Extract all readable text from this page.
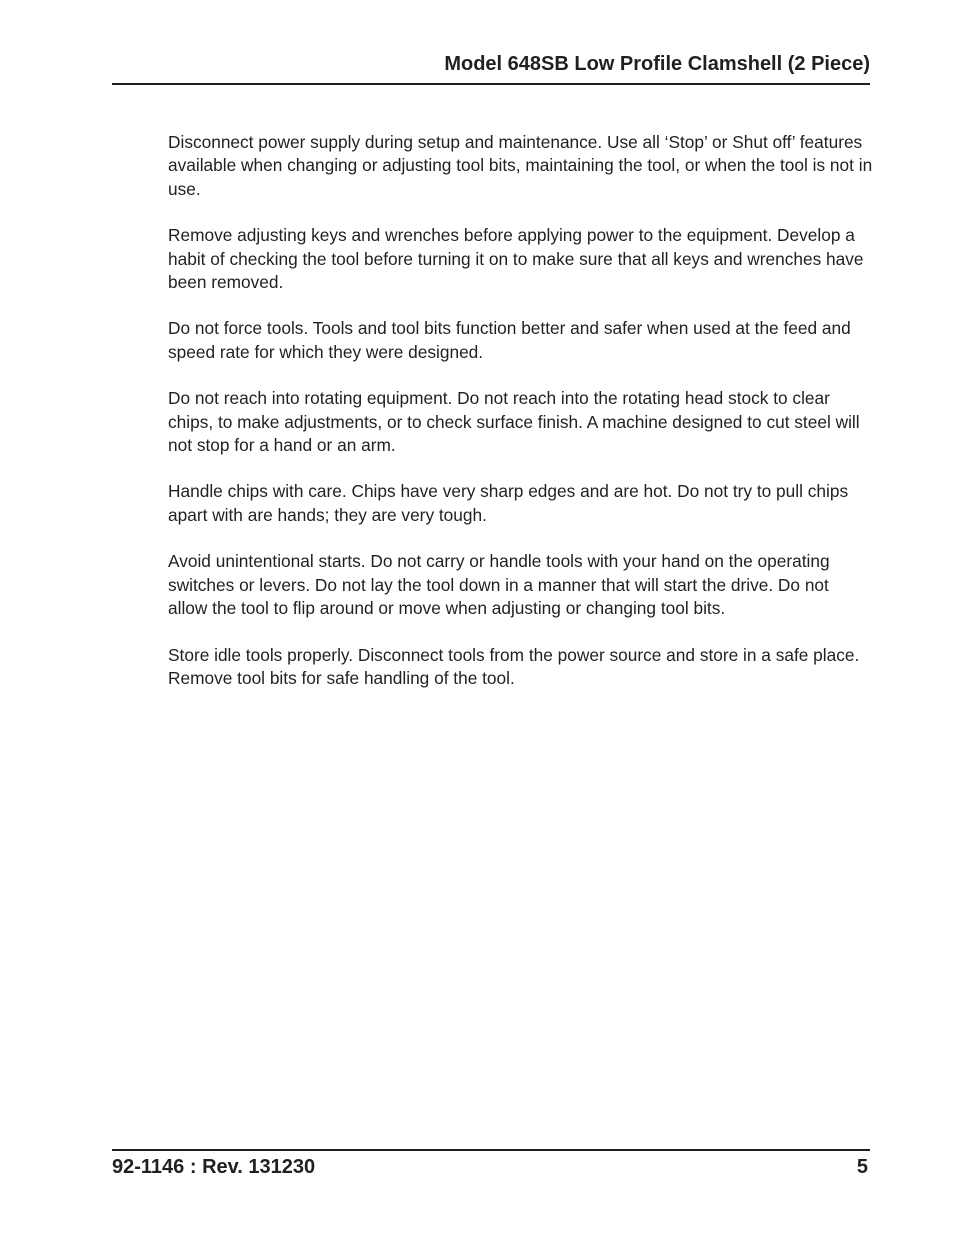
Model 648SB Low Profile Clamshell (2 Piece)

Disconnect power supply during setup and maintenance. Use all ‘Stop’ or Shut off’ features available when changing or adjusting tool bits, maintaining the tool, or when the tool is not in use.

Remove adjusting keys and wrenches before applying power to the equipment. Develop a habit of checking the tool before turning it on to make sure that all keys and wrenches have been removed.

Do not force tools. Tools and tool bits function better and safer when used at the feed and speed rate for which they were designed.

Do not reach into rotating equipment. Do not reach into the rotating head stock to clear chips, to make adjustments, or to check surface finish. A machine designed to cut steel will not stop for a hand or an arm.

Handle chips with care. Chips have very sharp edges and are hot. Do not try to pull chips apart with are hands; they are very tough.

Avoid unintentional starts. Do not carry or handle tools with your hand on the operating switches or levers. Do not lay the tool down in a manner that will start the drive. Do not allow the tool to flip around or move when adjusting or changing tool bits.

Store idle tools properly. Disconnect tools from the power source and store in a safe place. Remove tool bits for safe handling of the tool.

92-1146 : Rev. 131230	5
